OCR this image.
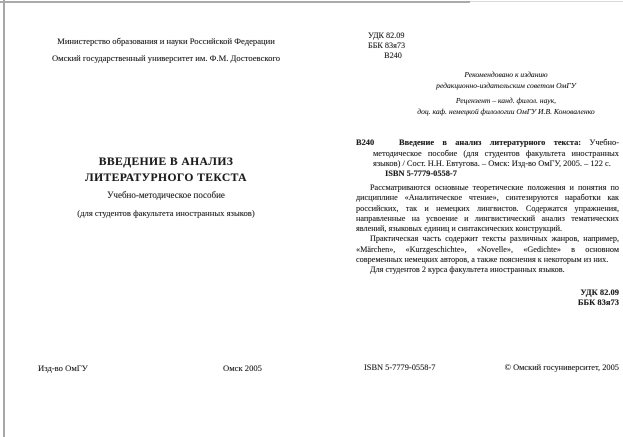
Министерство образования и науки Российской Федерации
Омский государственный университет им. Ф.М. Достоевского
ВВЕДЕНИЕ В АНАЛИЗ
ЛИТЕРАТУРНОГО ТЕКСТА
Учебно-методическое пособие
(для студентов факультета иностранных языков)
Изд-во ОмГУ	Омск 2005
УДК 82.09
ББК 83я73
В240
Рекомендовано к изданию
редакционно-издательским советом ОмГУ
Рецензент – канд. филол. наук,
доц. каф. немецкой филологии ОмГУ И.В. Коноваленко
В240	Введение в анализ литературного текста: Учебно-методическое пособие (для студентов факультета иностранных языков) / Сост. Н.Н. Евтугова. – Омск: Изд-во ОмГУ, 2005. – 122 с.
ISBN 5-7779-0558-7

Рассматриваются основные теоретические положения и понятия по дисциплине «Аналитическое чтение», синтезируются наработки как российских, так и немецких лингвистов. Содержатся упражнения, направленные на усвоение и лингвистический анализ тематических явлений, языковых единиц и синтаксических конструкций.

Практическая часть содержит тексты различных жанров, например, «Märchen», «Kurzgeschichte», «Novelle», «Gedichte» в основном современных немецких авторов, а также пояснения к некоторым из них.

Для студентов 2 курса факультета иностранных языков.

УДК 82.09
ББК 83я73
ISBN 5-7779-0558-7	© Омский госуниверситет, 2005
